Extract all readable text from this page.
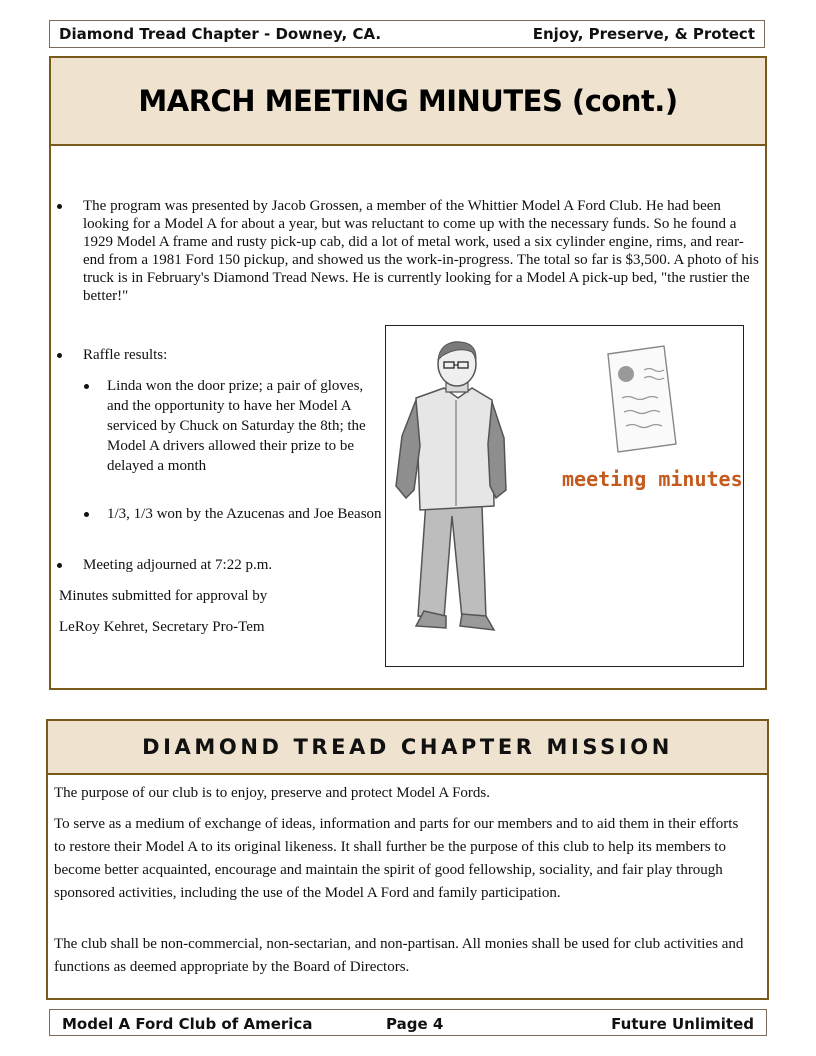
Diamond Tread Chapter - Downey, CA.	Enjoy, Preserve, & Protect
MARCH MEETING MINUTES (cont.)
The program was presented by Jacob Grossen, a member of the Whittier Model A Ford Club. He had been looking for a Model A for about a year, but was reluctant to come up with the necessary funds. So he found a 1929 Model A frame and rusty pick-up cab, did a lot of metal work, used a six cylinder engine, rims, and rear-end from a 1981 Ford 150 pickup, and showed us the work-in-progress. The total so far is $3,500. A photo of his truck is in February's Diamond Tread News. He is currently looking for a Model A pick-up bed, "the rustier the better!"
Raffle results:
Linda won the door prize; a pair of gloves, and the opportunity to have her Model A serviced by Chuck on Saturday the 8th; the Model A drivers allowed their prize to be delayed a month
1/3, 1/3 won by the Azucenas and Joe Beason
Meeting adjourned at 7:22 p.m.
Minutes submitted for approval by
LeRoy Kehret, Secretary Pro-Tem
meeting minutes
DIAMOND TREAD CHAPTER MISSION
The purpose of our club is to enjoy, preserve and protect Model A Fords.
To serve as a medium of exchange of ideas, information and parts for our members and to aid them in their efforts to restore their Model A to its original likeness. It shall further be the purpose of this club to help its members to become better acquainted, encourage and maintain the spirit of good fellowship, sociality, and fair play through sponsored activities, including the use of the Model A Ford and family participation.
The club shall be non-commercial, non-sectarian, and non-partisan. All monies shall be used for club activities and functions as deemed appropriate by the Board of Directors.
Model A Ford Club of America	Page 4	Future Unlimited
